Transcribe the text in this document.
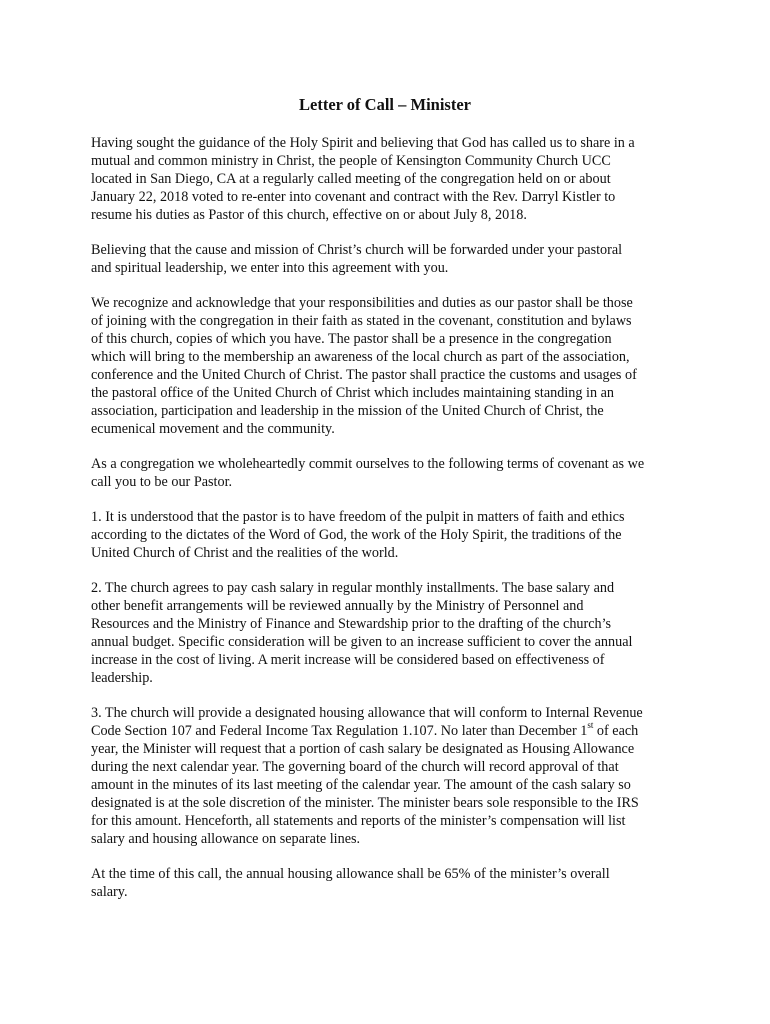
Letter of Call – Minister

Having sought the guidance of the Holy Spirit and believing that God has called us to share in a
mutual and common ministry in Christ, the people of Kensington Community Church UCC
located in San Diego, CA at a regularly called meeting of the congregation held on or about
January 22, 2018 voted to re-enter into covenant and contract with the Rev. Darryl Kistler to
resume his duties as Pastor of this church, effective on or about July 8, 2018.

Believing that the cause and mission of Christ’s church will be forwarded under your pastoral
and spiritual leadership, we enter into this agreement with you.

We recognize and acknowledge that your responsibilities and duties as our pastor shall be those
of joining with the congregation in their faith as stated in the covenant, constitution and bylaws
of this church, copies of which you have. The pastor shall be a presence in the congregation
which will bring to the membership an awareness of the local church as part of the association,
conference and the United Church of Christ. The pastor shall practice the customs and usages of
the pastoral office of the United Church of Christ which includes maintaining standing in an
association, participation and leadership in the mission of the United Church of Christ, the
ecumenical movement and the community.

As a congregation we wholeheartedly commit ourselves to the following terms of covenant as we
call you to be our Pastor.

1. It is understood that the pastor is to have freedom of the pulpit in matters of faith and ethics
according to the dictates of the Word of God, the work of the Holy Spirit, the traditions of the
United Church of Christ and the realities of the world.

2. The church agrees to pay cash salary in regular monthly installments. The base salary and
other benefit arrangements will be reviewed annually by the Ministry of Personnel and
Resources and the Ministry of Finance and Stewardship prior to the drafting of the church’s
annual budget. Specific consideration will be given to an increase sufficient to cover the annual
increase in the cost of living. A merit increase will be considered based on effectiveness of
leadership.

3. The church will provide a designated housing allowance that will conform to Internal Revenue
Code Section 107 and Federal Income Tax Regulation 1.107. No later than December 1st of each
year, the Minister will request that a portion of cash salary be designated as Housing Allowance
during the next calendar year. The governing board of the church will record approval of that
amount in the minutes of its last meeting of the calendar year. The amount of the cash salary so
designated is at the sole discretion of the minister. The minister bears sole responsible to the IRS
for this amount. Henceforth, all statements and reports of the minister’s compensation will list
salary and housing allowance on separate lines.

At the time of this call, the annual housing allowance shall be 65% of the minister’s overall
salary.
